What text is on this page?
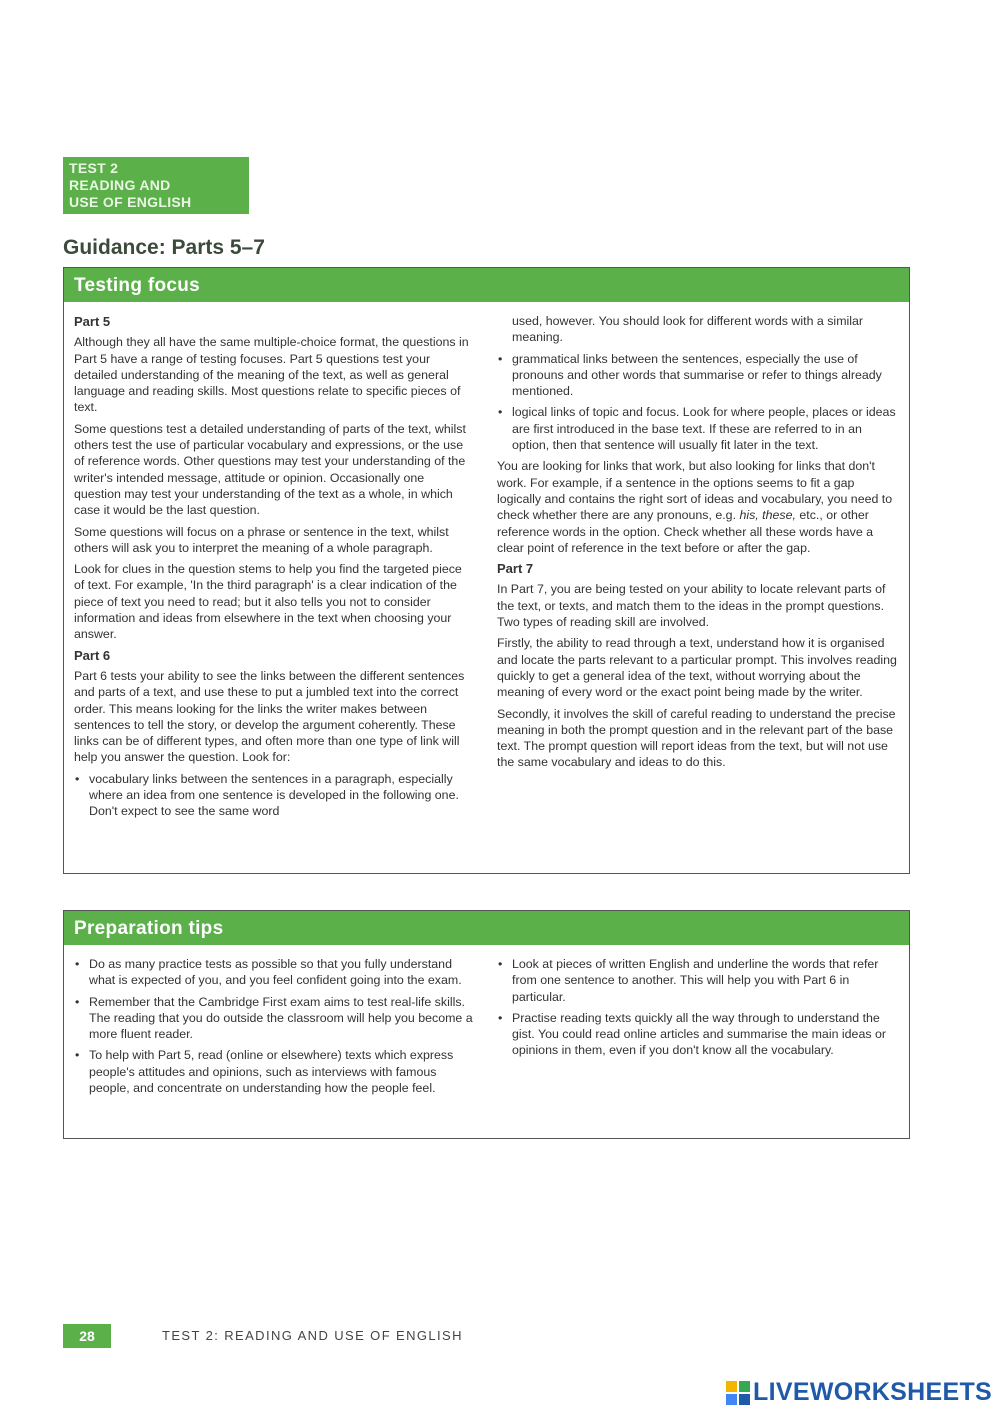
TEST 2
READING AND
USE OF ENGLISH
Guidance: Parts 5–7
Testing focus
Part 5

Although they all have the same multiple-choice format, the questions in Part 5 have a range of testing focuses. Part 5 questions test your detailed understanding of the meaning of the text, as well as general language and reading skills. Most questions relate to specific pieces of text.

Some questions test a detailed understanding of parts of the text, whilst others test the use of particular vocabulary and expressions, or the use of reference words. Other questions may test your understanding of the writer's intended message, attitude or opinion. Occasionally one question may test your understanding of the text as a whole, in which case it would be the last question.

Some questions will focus on a phrase or sentence in the text, whilst others will ask you to interpret the meaning of a whole paragraph.

Look for clues in the question stems to help you find the targeted piece of text. For example, 'In the third paragraph' is a clear indication of the piece of text you need to read; but it also tells you not to consider information and ideas from elsewhere in the text when choosing your answer.

Part 6

Part 6 tests your ability to see the links between the different sentences and parts of a text, and use these to put a jumbled text into the correct order. This means looking for the links the writer makes between sentences to tell the story, or develop the argument coherently. These links can be of different types, and often more than one type of link will help you answer the question. Look for:

• vocabulary links between the sentences in a paragraph, especially where an idea from one sentence is developed in the following one. Don't expect to see the same word

used, however. You should look for different words with a similar meaning.

• grammatical links between the sentences, especially the use of pronouns and other words that summarise or refer to things already mentioned.
• logical links of topic and focus. Look for where people, places or ideas are first introduced in the base text. If these are referred to in an option, then that sentence will usually fit later in the text.

You are looking for links that work, but also looking for links that don't work. For example, if a sentence in the options seems to fit a gap logically and contains the right sort of ideas and vocabulary, you need to check whether there are any pronouns, e.g. his, these, etc., or other reference words in the option. Check whether all these words have a clear point of reference in the text before or after the gap.

Part 7

In Part 7, you are being tested on your ability to locate relevant parts of the text, or texts, and match them to the ideas in the prompt questions. Two types of reading skill are involved.

Firstly, the ability to read through a text, understand how it is organised and locate the parts relevant to a particular prompt. This involves reading quickly to get a general idea of the text, without worrying about the meaning of every word or the exact point being made by the writer.

Secondly, it involves the skill of careful reading to understand the precise meaning in both the prompt question and in the relevant part of the base text. The prompt question will report ideas from the text, but will not use the same vocabulary and ideas to do this.

Preparation tips
• Do as many practice tests as possible so that you fully understand what is expected of you, and you feel confident going into the exam.
• Remember that the Cambridge First exam aims to test real-life skills. The reading that you do outside the classroom will help you become a more fluent reader.
• To help with Part 5, read (online or elsewhere) texts which express people's attitudes and opinions, such as interviews with famous people, and concentrate on understanding how the people feel.
• Look at pieces of written English and underline the words that refer from one sentence to another. This will help you with Part 6 in particular.
• Practise reading texts quickly all the way through to understand the gist. You could read online articles and summarise the main ideas or opinions in them, even if you don't know all the vocabulary.
28	TEST 2: READING AND USE OF ENGLISH
LIVEWORKSHEETS
